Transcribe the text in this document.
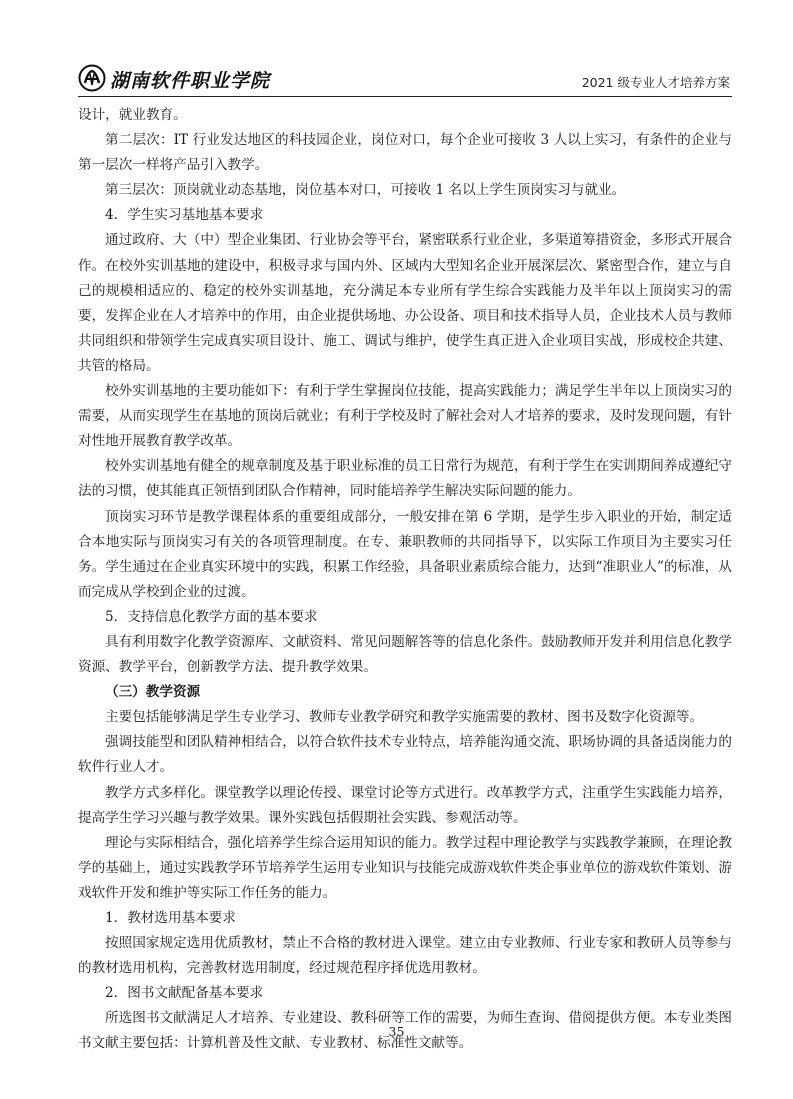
湖南软件职业学院	2021 级专业人才培养方案

设计，就业教育。

第二层次：IT 行业发达地区的科技园企业，岗位对口，每个企业可接收 3 人以上实习，有条件的企业与第一层次一样将产品引入教学。

第三层次：顶岗就业动态基地，岗位基本对口，可接收 1 名以上学生顶岗实习与就业。

4．学生实习基地基本要求

通过政府、大（中）型企业集团、行业协会等平台，紧密联系行业企业，多渠道筹措资金，多形式开展合作。在校外实训基地的建设中，积极寻求与国内外、区域内大型知名企业开展深层次、紧密型合作，建立与自己的规模相适应的、稳定的校外实训基地，充分满足本专业所有学生综合实践能力及半年以上顶岗实习的需要，发挥企业在人才培养中的作用，由企业提供场地、办公设备、项目和技术指导人员，企业技术人员与教师共同组织和带领学生完成真实项目设计、施工、调试与维护，使学生真正进入企业项目实战，形成校企共建、共管的格局。

校外实训基地的主要功能如下：有利于学生掌握岗位技能，提高实践能力；满足学生半年以上顶岗实习的需要，从而实现学生在基地的顶岗后就业；有利于学校及时了解社会对人才培养的要求，及时发现问题，有针对性地开展教育教学改革。

校外实训基地有健全的规章制度及基于职业标准的员工日常行为规范，有利于学生在实训期间养成遵纪守法的习惯，使其能真正领悟到团队合作精神，同时能培养学生解决实际问题的能力。

顶岗实习环节是教学课程体系的重要组成部分，一般安排在第 6 学期，是学生步入职业的开始，制定适合本地实际与顶岗实习有关的各项管理制度。在专、兼职教师的共同指导下，以实际工作项目为主要实习任务。学生通过在企业真实环境中的实践，积累工作经验，具备职业素质综合能力，达到“准职业人”的标准，从而完成从学校到企业的过渡。

5．支持信息化教学方面的基本要求

具有利用数字化教学资源库、文献资料、常见问题解答等的信息化条件。鼓励教师开发并利用信息化教学资源、教学平台，创新教学方法、提升教学效果。

（三）教学资源

主要包括能够满足学生专业学习、教师专业教学研究和教学实施需要的教材、图书及数字化资源等。

强调技能型和团队精神相结合，以符合软件技术专业特点，培养能沟通交流、职场协调的具备适岗能力的软件行业人才。

教学方式多样化。课堂教学以理论传授、课堂讨论等方式进行。改革教学方式，注重学生实践能力培养，提高学生学习兴趣与教学效果。课外实践包括假期社会实践、参观活动等。

理论与实际相结合，强化培养学生综合运用知识的能力。教学过程中理论教学与实践教学兼顾，在理论教学的基础上，通过实践教学环节培养学生运用专业知识与技能完成游戏软件类企事业单位的游戏软件策划、游戏软件开发和维护等实际工作任务的能力。

1．教材选用基本要求

按照国家规定选用优质教材，禁止不合格的教材进入课堂。建立由专业教师、行业专家和教研人员等参与的教材选用机构，完善教材选用制度，经过规范程序择优选用教材。

2．图书文献配备基本要求

所选图书文献满足人才培养、专业建设、教科研等工作的需要，为师生查询、借阅提供方便。本专业类图书文献主要包括：计算机普及性文献、专业教材、标准性文献等。

35
